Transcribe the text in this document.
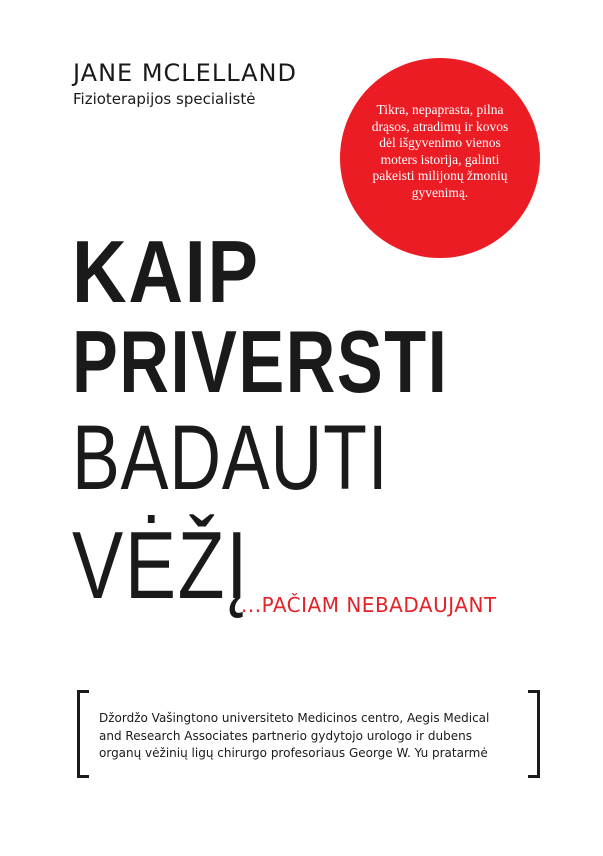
JANE MCLELLAND
Fizioterapijos specialistė
Tikra, nepaprasta, pilna drąsos, atradimų ir kovos dėl išgyvenimo vienos moters istorija, galinti pakeisti milijonų žmonių gyvenimą.
KAIP
PRIVERSTI
BADAUTI
VĖŽĮ
...PAČIAM NEBADAUJANT
Džordžo Vašingtono universiteto Medicinos centro, Aegis Medical
and Research Associates partnerio gydytojo urologo ir dubens
organų vėžinių ligų chirurgo profesoriaus George W. Yu pratarmė
